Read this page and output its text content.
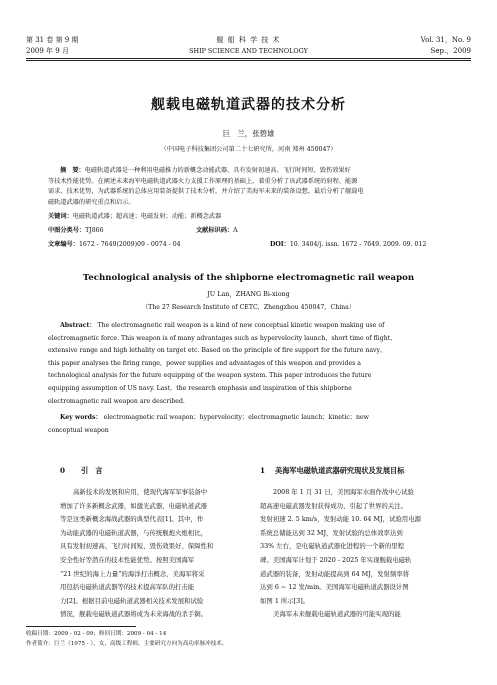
第 31 卷 第 9 期
2009 年 9 月
舰 船 科 学 技 术
SHIP SCIENCE AND TECHNOLOGY
Vol. 31，No. 9
Sep.，2009
舰载电磁轨道武器的技术分析
巨　兰，张碧雄
（中国电子科技集团公司第二十七研究所，河南 郑州 450047）
摘　要：电磁轨道武器是一种利用电磁推力的新概念动能武器，具有发射初速高、飞行时间短、毁伤效果好
等技术性能优势。在阐述未来海军电磁轨道武器火力支援工作原理的基础上，着重分析了该武器系统的射程、能源
需求、技术优势，为武器系统的总体应用装备提供了技术分析，并介绍了美海军未来的装备设想，最后分析了舰载电
磁轨道武器的研究重点和启示。
关键词：电磁轨道武器；超高速；电磁发射；动能；新概念武器
中图分类号：TJ866	文献标识码：A
文章编号：1672 - 7649(2009)09 - 0074 - 04	DOI：10. 3404/j. issn. 1672 - 7649. 2009. 09. 012
Technological analysis of the shipborne electromagnetic rail weapon
JU Lan，ZHANG Bi-xiong
（The 27 Research Institute of CETC，Zhengzhou 450047，China）
Abstract： The electromagnetic rail weapon is a kind of new conceptual kinetic weapon making use of
electromagnetic force. This weapon is of many advantages such as hypervelocity launch，short time of flight，
extensive range and high lethality on target etc. Based on the principle of fire support for the future navy，
this paper analyses the firing range，power supplies and advantages of this weapon and provides a
technological analysis for the future equipping of the weapon system. This paper introduces the future
equipping assumption of US navy. Last，the research emphasis and inspiration of this shipborne
electromagnetic rail weapon are described.
Key words： electromagnetic rail weapon；hypervelocity；electromagnetic launch；kinetic；new
conceptual weapon
0 引　言
高新技术的发展和应用，使现代海军军事装备中
增加了许多新概念武器，如激光武器、电磁轨道武器
等是这类新概念海战武器的典型代表[1]。其中，作
为动能武器的电磁轨道武器，与传统舰炮火炮相比，
具有发射初速高、飞行时间短、毁伤效果好、保障性和
安全性好等潜在的技术性能优势。按照美国海军
“21 世纪的海上力量”的海洋打击概念，美海军将采
用包括电磁轨道武器等的技术提高军队的打击能
力[2]。根据目前电磁轨道武器相关技术发展和试验
情况，舰载电磁轨道武器将成为未来海战的杀手锏。
1 美海军电磁轨道武器研究现状及发展目标
2008 年 1 月 31 日，美国海军水面作战中心试验
超高速电磁武器发射获得成功，引起了世界的关注。
发射初速 2. 5 km/s，发射动能 10. 64 MJ，试验用电源
系统总储能达到 32 MJ，发射试验的总体效率达到
33% 左右，是电磁轨道武器化进程的一个新的里程
碑。美国海军计划于 2020 - 2025 年实现舰载电磁轨
道武器的装备，发射动能提高到 64 MJ，发射频率将
达到 6 ~ 12 发/min。美国海军电磁轨道武器设计图
如图 1 所示[3]。
美海军未来舰载电磁轨道武器的可能实现的能
收稿日期：2009 - 02 - 09；修回日期：2009 - 04 - 14
作者简介：巨兰（1975 - ），女，高级工程师，主要研究方向为高功率脉冲技术。
